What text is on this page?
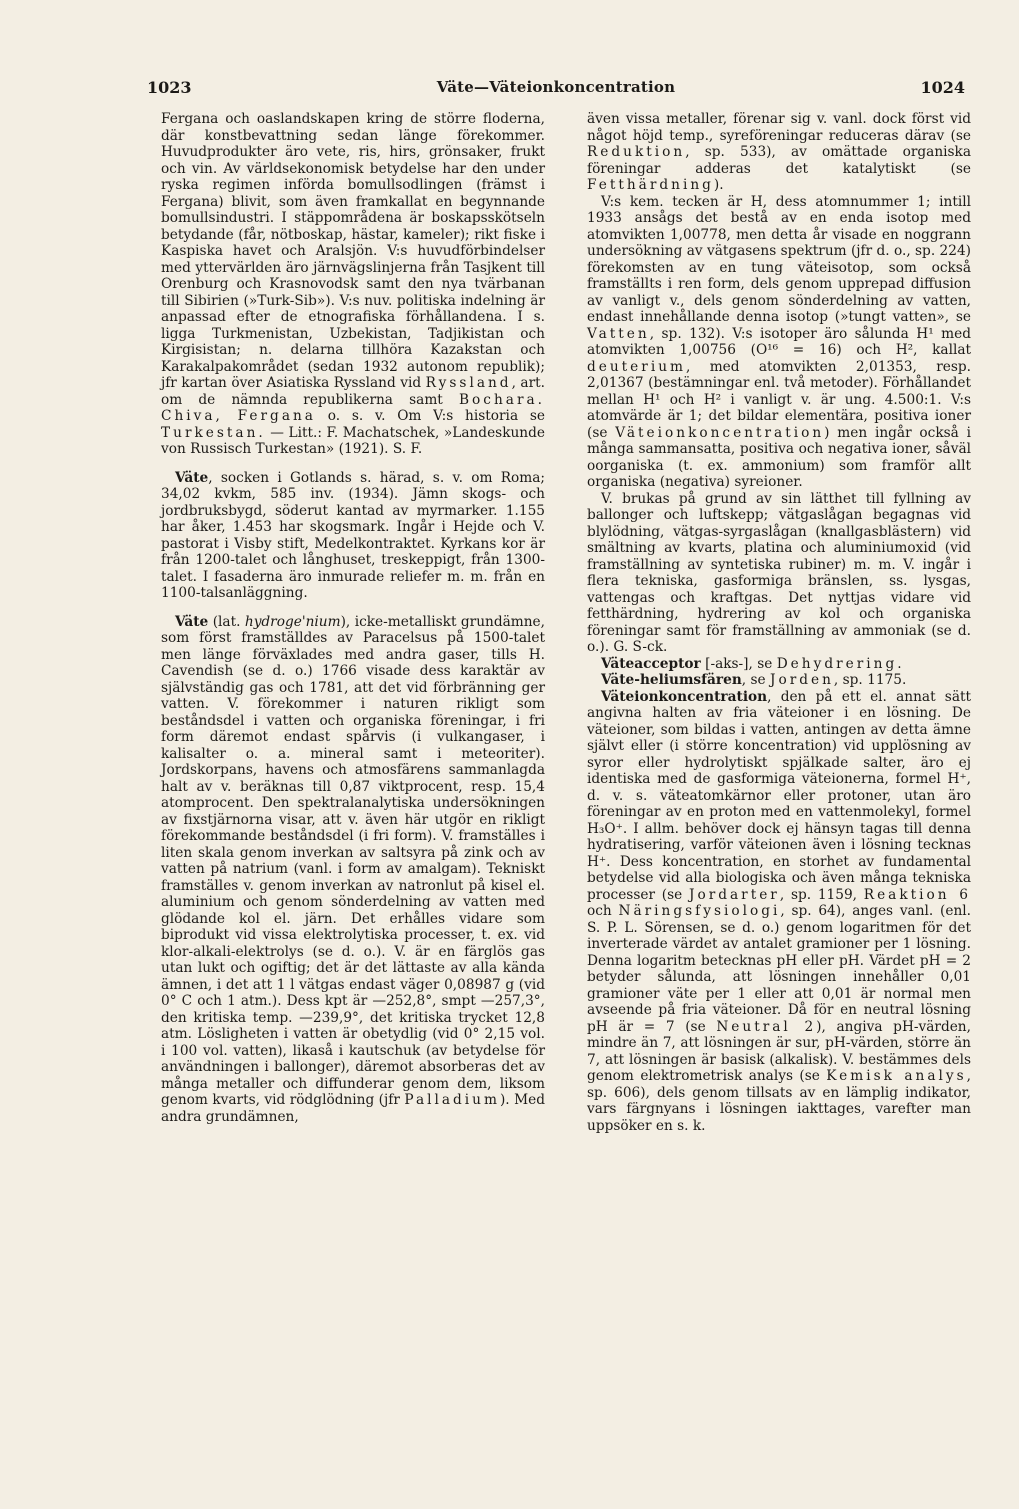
1023	Väte—Väteionkoncentration	1024

Fergana och oaslandskapen kring de större floderna, där konstbevattning sedan länge förekommer. Huvudprodukter äro vete, ris, hirs, grönsaker, frukt och vin. Av världsekonomisk betydelse har den under ryska regimen införda bomullsodlingen (främst i Fergana) blivit, som även framkallat en begynnande bomullsindustri. I stäppområdena är boskapsskötseln betydande (får, nötboskap, hästar, kameler); rikt fiske i Kaspiska havet och Aralsjön. V:s huvudförbindelser med yttervärlden äro järnvägslinjerna från Tasjkent till Orenburg och Krasnovodsk samt den nya tvärbanan till Sibirien (»Turk-Sib»). V:s nuv. politiska indelning är anpassad efter de etnografiska förhållandena. I s. ligga Turkmenistan, Uzbekistan, Tadjikistan och Kirgisistan; n. delarna tillhöra Kazakstan och Karakalpakområdet (sedan 1932 autonom republik); jfr kartan över Asiatiska Ryssland vid Ryssland, art. om de nämnda republikerna samt Bochara. Chiva, Fergana o. s. v. Om V:s historia se Turkestan. — Litt.: F. Machatschek, »Landeskunde von Russisch Turkestan» (1921). S. F.

Väte, socken i Gotlands s. härad, s. v. om Roma; 34,02 kvkm, 585 inv. (1934). Jämn skogs- och jordbruksbygd, söderut kantad av myrmarker. 1.155 har åker, 1.453 har skogsmark. Ingår i Hejde och V. pastorat i Visby stift, Medelkontraktet. Kyrkans kor är från 1200-talet och långhuset, treskeppigt, från 1300-talet. I fasaderna äro inmurade reliefer m. m. från en 1100-talsanläggning.

Väte (lat. hydroge'nium), icke-metalliskt grundämne, som först framställdes av Paracelsus på 1500-talet men länge förväxlades med andra gaser, tills H. Cavendish (se d. o.) 1766 visade dess karaktär av självständig gas och 1781, att det vid förbränning ger vatten. V. förekommer i naturen rikligt som beståndsdel i vatten och organiska föreningar, i fri form däremot endast spårvis (i vulkangaser, i kalisalter o. a. mineral samt i meteoriter). Jordskorpans, havens och atmosfärens sammanlagda halt av v. beräknas till 0,87 viktprocent, resp. 15,4 atomprocent. Den spektralanalytiska undersökningen av fixstjärnorna visar, att v. även här utgör en rikligt förekommande beståndsdel (i fri form). V. framställes i liten skala genom inverkan av saltsyra på zink och av vatten på natrium (vanl. i form av amalgam). Tekniskt framställes v. genom inverkan av natronlut på kisel el. aluminium och genom sönderdelning av vatten med glödande kol el. järn. Det erhålles vidare som biprodukt vid vissa elektrolytiska processer, t. ex. vid klor-alkali-elektrolys (se d. o.). V. är en färglös gas utan lukt och ogiftig; det är det lättaste av alla kända ämnen, i det att 1 l vätgas endast väger 0,08987 g (vid 0° C och 1 atm.). Dess kpt är —252,8°, smpt —257,3°, den kritiska temp. —239,9°, det kritiska trycket 12,8 atm. Lösligheten i vatten är obetydlig (vid 0° 2,15 vol. i 100 vol. vatten), likaså i kautschuk (av betydelse för användningen i ballonger), däremot absorberas det av många metaller och diffunderar genom dem, liksom genom kvarts, vid rödglödning (jfr Palladium). Med andra grundämnen,

även vissa metaller, förenar sig v. vanl. dock först vid något höjd temp., syreföreningar reduceras därav (se Reduktion, sp. 533), av omättade organiska föreningar adderas det katalytiskt (se Fetthärdning).

V:s kem. tecken är H, dess atomnummer 1; intill 1933 ansågs det bestå av en enda isotop med atomvikten 1,00778, men detta år visade en noggrann undersökning av vätgasens spektrum (jfr d. o., sp. 224) förekomsten av en tung väteisotop, som också framställts i ren form, dels genom upprepad diffusion av vanligt v., dels genom sönderdelning av vatten, endast innehållande denna isotop (»tungt vatten», se Vatten, sp. 132). V:s isotoper äro sålunda H¹ med atomvikten 1,00756 (O¹⁶ = 16) och H², kallat deuterium, med atomvikten 2,01353, resp. 2,01367 (bestämningar enl. två metoder). Förhållandet mellan H¹ och H² i vanligt v. är ung. 4.500:1. V:s atomvärde är 1; det bildar elementära, positiva ioner (se Väteionkoncentration) men ingår också i många sammansatta, positiva och negativa ioner, såväl oorganiska (t. ex. ammonium) som framför allt organiska (negativa) syreioner.

V. brukas på grund av sin lätthet till fyllning av ballonger och luftskepp; vätgaslågan begagnas vid blylödning, vätgas-syrgaslågan (knallgasblästern) vid smältning av kvarts, platina och aluminiumoxid (vid framställning av syntetiska rubiner) m. m. V. ingår i flera tekniska, gasformiga bränslen, ss. lysgas, vattengas och kraftgas. Det nyttjas vidare vid fetthärdning, hydrering av kol och organiska föreningar samt för framställning av ammoniak (se d. o.). G. S-ck.

Väteacceptor [-aks-], se Dehydrering.

Väte-heliumsfären, se Jorden, sp. 1175.

Väteionkoncentration, den på ett el. annat sätt angivna halten av fria väteioner i en lösning. De väteioner, som bildas i vatten, antingen av detta ämne självt eller (i större koncentration) vid upplösning av syror eller hydrolytiskt spjälkade salter, äro ej identiska med de gasformiga väteionerna, formel H⁺, d. v. s. väteatomkärnor eller protoner, utan äro föreningar av en proton med en vattenmolekyl, formel H₃O⁺. I allm. behöver dock ej hänsyn tagas till denna hydratisering, varför väteionen även i lösning tecknas H⁺. Dess koncentration, en storhet av fundamental betydelse vid alla biologiska och även många tekniska processer (se Jordarter, sp. 1159, Reaktion 6 och Näringsfysiologi, sp. 64), anges vanl. (enl. S. P. L. Sörensen, se d. o.) genom logaritmen för det inverterade värdet av antalet gramioner per 1 lösning. Denna logaritm betecknas pH eller pH. Värdet pH = 2 betyder sålunda, att lösningen innehåller 0,01 gramioner väte per 1 eller att 0,01 är normal men avseende på fria väteioner. Då för en neutral lösning pH är = 7 (se Neutral 2), angiva pH-värden, mindre än 7, att lösningen är sur, pH-värden, större än 7, att lösningen är basisk (alkalisk). V. bestämmes dels genom elektrometrisk analys (se Kemisk analys, sp. 606), dels genom tillsats av en lämplig indikator, vars färgnyans i lösningen iakttages, varefter man uppsöker en s. k.
